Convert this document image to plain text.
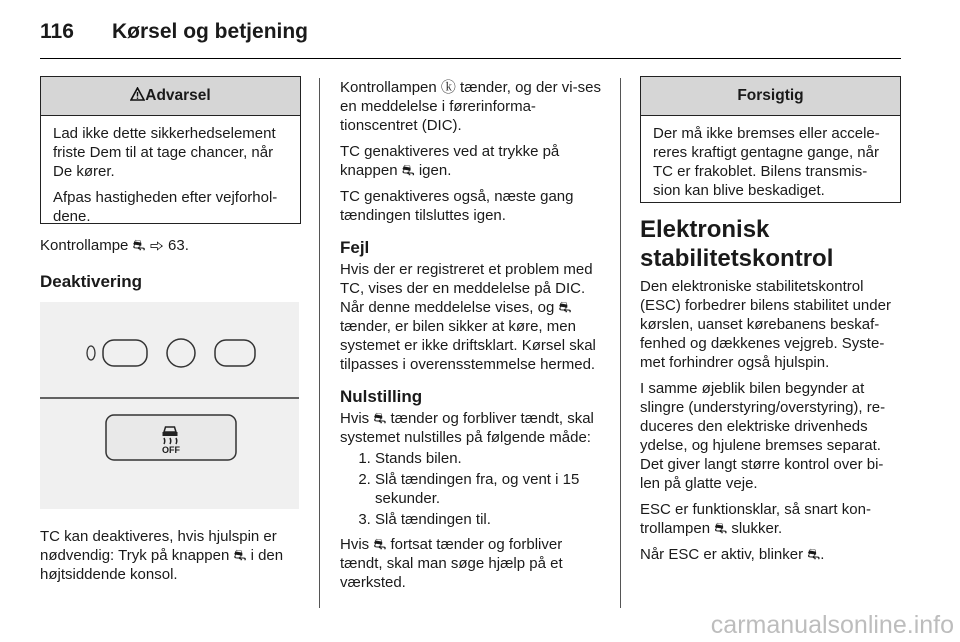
116 Kørsel og betjening
Advarsel

Lad ikke dette sikkerhedselement friste Dem til at tage chancer, når De kører.

Afpas hastigheden efter vejforhol-dene.

Kontrollampe ⛐ ⇨ 63.
Deaktivering
OFF
TC kan deaktiveres, hvis hjulspin er nødvendig: Tryk på knappen ⛐ i den højtsiddende konsol.

Kontrollampen ⓚ tænder, og der vi-ses en meddelelse i førerinforma-tionscentret (DIC).

TC genaktiveres ved at trykke på knappen ⛐ igen.

TC genaktiveres også, næste gang tændingen tilsluttes igen.

Fejl

Hvis der er registreret et problem med TC, vises der en meddelelse på DIC. Når denne meddelelse vises, og ⛐ tænder, er bilen sikker at køre, men systemet er ikke driftsklart. Kørsel skal tilpasses i overensstemmelse hermed.

Nulstilling

Hvis ⛐ tænder og forbliver tændt, skal systemet nulstilles på følgende måde:

1. Stands bilen.
2. Slå tændingen fra, og vent i 15 sekunder.
3. Slå tændingen til.

Hvis ⛐ fortsat tænder og forbliver tændt, skal man søge hjælp på et værksted.

Forsigtig
Der må ikke bremses eller accele-reres kraftigt gentagne gange, når TC er frakoblet. Bilens transmis-sion kan blive beskadiget.
Elektronisk stabilitetskontrol

Den elektroniske stabilitetskontrol (ESC) forbedrer bilens stabilitet under kørslen, uanset kørebanens beskaf-fenhed og dækkenes vejgreb. Syste-met forhindrer også hjulspin.

I samme øjeblik bilen begynder at slingre (understyring/overstyring), re-duceres den elektriske drivenheds ydelse, og hjulene bremses separat. Det giver langt større kontrol over bi-len på glatte veje.

ESC er funktionsklar, så snart kon-trollampen ⛐ slukker.

Når ESC er aktiv, blinker ⛐.

carmanualsonline.info
